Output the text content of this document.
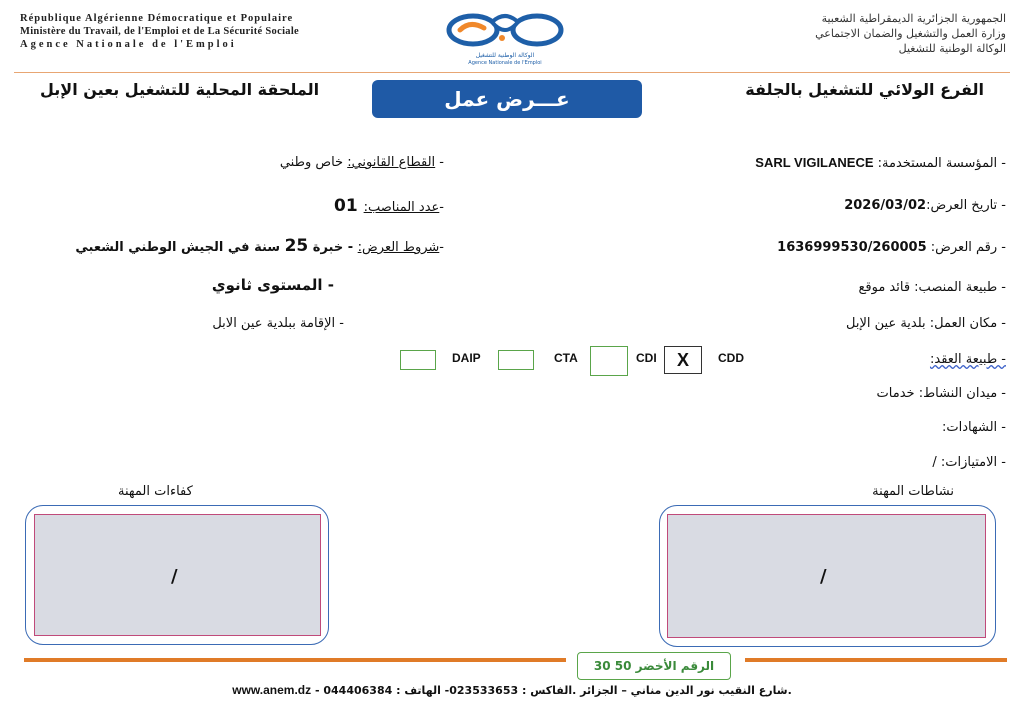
République Algérienne Démocratique et Populaire
Ministère du Travail, de l'Emploi et de La Sécurité Sociale
Agence Nationale de l'Emploi
الوكالة الوطنية للتشغيل
Agence Nationale de l'Emploi
الجمهورية الجزائرية الديمقراطية الشعبية
وزارة العمل والتشغيل والضمان الاجتماعي
الوكالة الوطنية للتشغيل
الفرع الولائي للتشغيل بالجلفة
الملحقة المحلية للتشغيل بعين الإبل	عـــرض عمل
- المؤسسة المستخدمة: SARL VIGILANECE
- تاريخ العرض:2026/03/02
- رقم العرض: 1636999530/260005
- طبيعة المنصب: قائد موقع
- مكان العمل: بلدية عين الإبل
- طبيعة العقد:
- ميدان النشاط: خدمات
- الشهادات:
- الامتيازات: /
- القطاع القانوني: خاص وطني
-عدد المناصب: 01
-شروط العرض: - خبرة 25 سنة في الجيش الوطني الشعبي
- المستوى ثانوي
- الإقامة ببلدية عين الابل
CDD
X
CDI
CTA
DAIP
نشاطات المهنة
/
كفاءات المهنة
/
الرقم الأخضر 50 30
www.anem.dz - 044406384 : شارع النقيب نور الدين مناني – الجزائر .الفاكس : 023533653- الهاتف.
